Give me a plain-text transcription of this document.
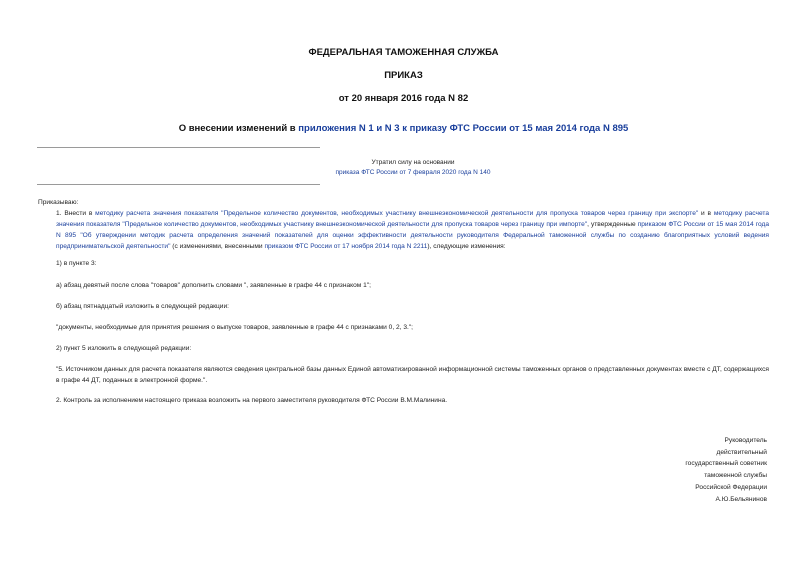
ФЕДЕРАЛЬНАЯ ТАМОЖЕННАЯ СЛУЖБА
ПРИКАЗ
от 20 января 2016 года N 82
О внесении изменений в приложения N 1 и N 3 к приказу ФТС России от 15 мая 2014 года N 895
Утратил силу на основании
приказа ФТС России от 7 февраля 2020 года N 140
Приказываю:
1. Внести в методику расчета значения показателя "Предельное количество документов, необходимых участнику внешнеэкономической деятельности для пропуска товаров через границу при экспорте" и в методику расчета значения показателя "Предельное количество документов, необходимых участнику внешнеэкономической деятельности для пропуска товаров через границу при импорте", утвержденные приказом ФТС России от 15 мая 2014 года N 895 "Об утверждении методик расчета определения значений показателей для оценки эффективности деятельности руководителя Федеральной таможенной службы по созданию благоприятных условий ведения предпринимательской деятельности" (с изменениями, внесенными приказом ФТС России от 17 ноября 2014 года N 2211), следующие изменения:
1) в пункте 3:
а) абзац девятый после слова "товаров" дополнить словами ", заявленные в графе 44 с признаком 1";
б) абзац пятнадцатый изложить в следующей редакции:
"документы, необходимые для принятия решения о выпуске товаров, заявленные в графе 44 с признаками 0, 2, 3.";
2) пункт 5 изложить в следующей редакции:
"5. Источником данных для расчета показателя являются сведения центральной базы данных Единой автоматизированной информационной системы таможенных органов о представленных документах вместе с ДТ, содержащихся в графе 44 ДТ, поданных в электронной форме.".
2. Контроль за исполнением настоящего приказа возложить на первого заместителя руководителя ФТС России В.М.Малинина.
Руководитель
действительный
государственный советник
таможенной службы
Российской Федерации
А.Ю.Бельянинов
